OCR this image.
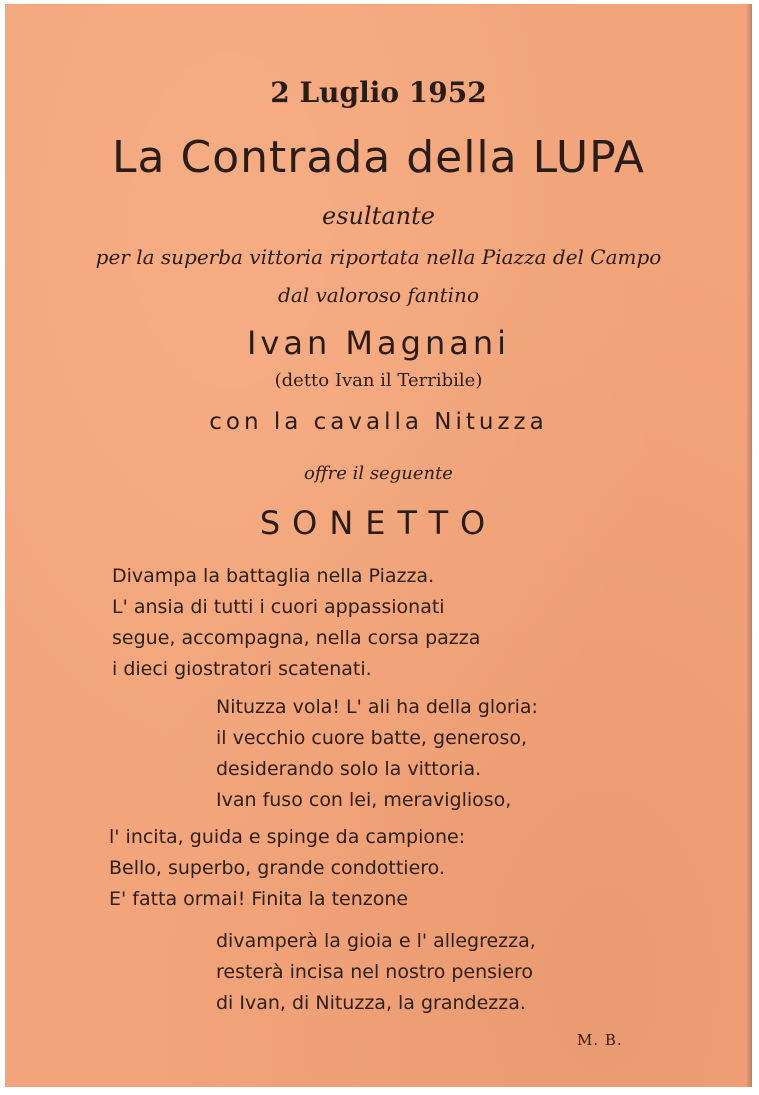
2 Luglio 1952
La Contrada della LUPA
esultante
per la superba vittoria riportata nella Piazza del Campo
dal valoroso fantino
Ivan Magnani
(detto Ivan il Terribile)
con la cavalla Nituzza
offre il seguente
SONETTO
Divampa la battaglia nella Piazza.
L' ansia di tutti i cuori appassionati
segue, accompagna, nella corsa pazza
i dieci giostratori scatenati.
Nituzza vola! L' ali ha della gloria:
il vecchio cuore batte, generoso,
desiderando solo la vittoria.
Ivan fuso con lei, meraviglioso,
l' incita, guida e spinge da campione:
Bello, superbo, grande condottiero.
E' fatta ormai! Finita la tenzone
divamperà la gioia e l' allegrezza,
resterà incisa nel nostro pensiero
di Ivan, di Nituzza, la grandezza.
M. B.
